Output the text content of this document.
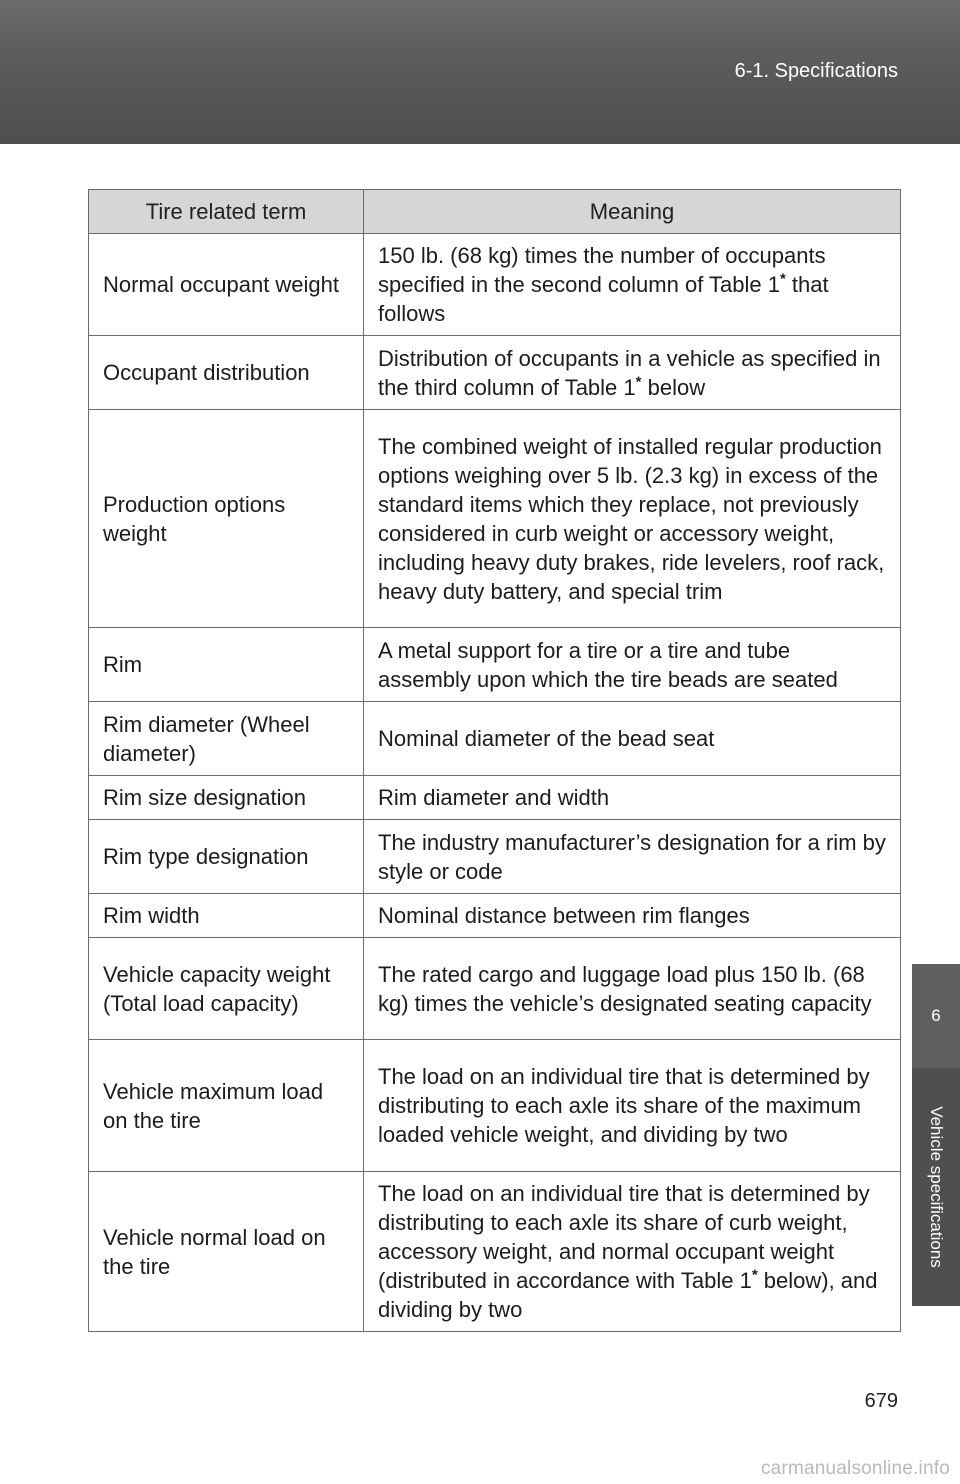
6-1. Specifications
6
Vehicle specifications
Tire related term	Meaning
Normal occupant weight	150 lb. (68 kg) times the number of occupants specified in the second column of Table 1* that follows
Occupant distribution	Distribution of occupants in a vehicle as specified in the third column of Table 1* below
Production options weight	The combined weight of installed regular production options weighing over 5 lb. (2.3 kg) in excess of the standard items which they replace, not previously considered in curb weight or accessory weight, including heavy duty brakes, ride levelers, roof rack, heavy duty battery, and special trim
Rim	A metal support for a tire or a tire and tube assembly upon which the tire beads are seated
Rim diameter (Wheel diameter)	Nominal diameter of the bead seat
Rim size designation	Rim diameter and width
Rim type designation	The industry manufacturer’s designation for a rim by style or code
Rim width	Nominal distance between rim flanges
Vehicle capacity weight (Total load capacity)	The rated cargo and luggage load plus 150 lb. (68 kg) times the vehicle’s designated seating capacity
Vehicle maximum load on the tire	The load on an individual tire that is determined by distributing to each axle its share of the maximum loaded vehicle weight, and dividing by two
Vehicle normal load on the tire	The load on an individual tire that is determined by distributing to each axle its share of curb weight, accessory weight, and normal occupant weight (distributed in accordance with Table 1* below), and dividing by two
679
carmanualsonline.info
